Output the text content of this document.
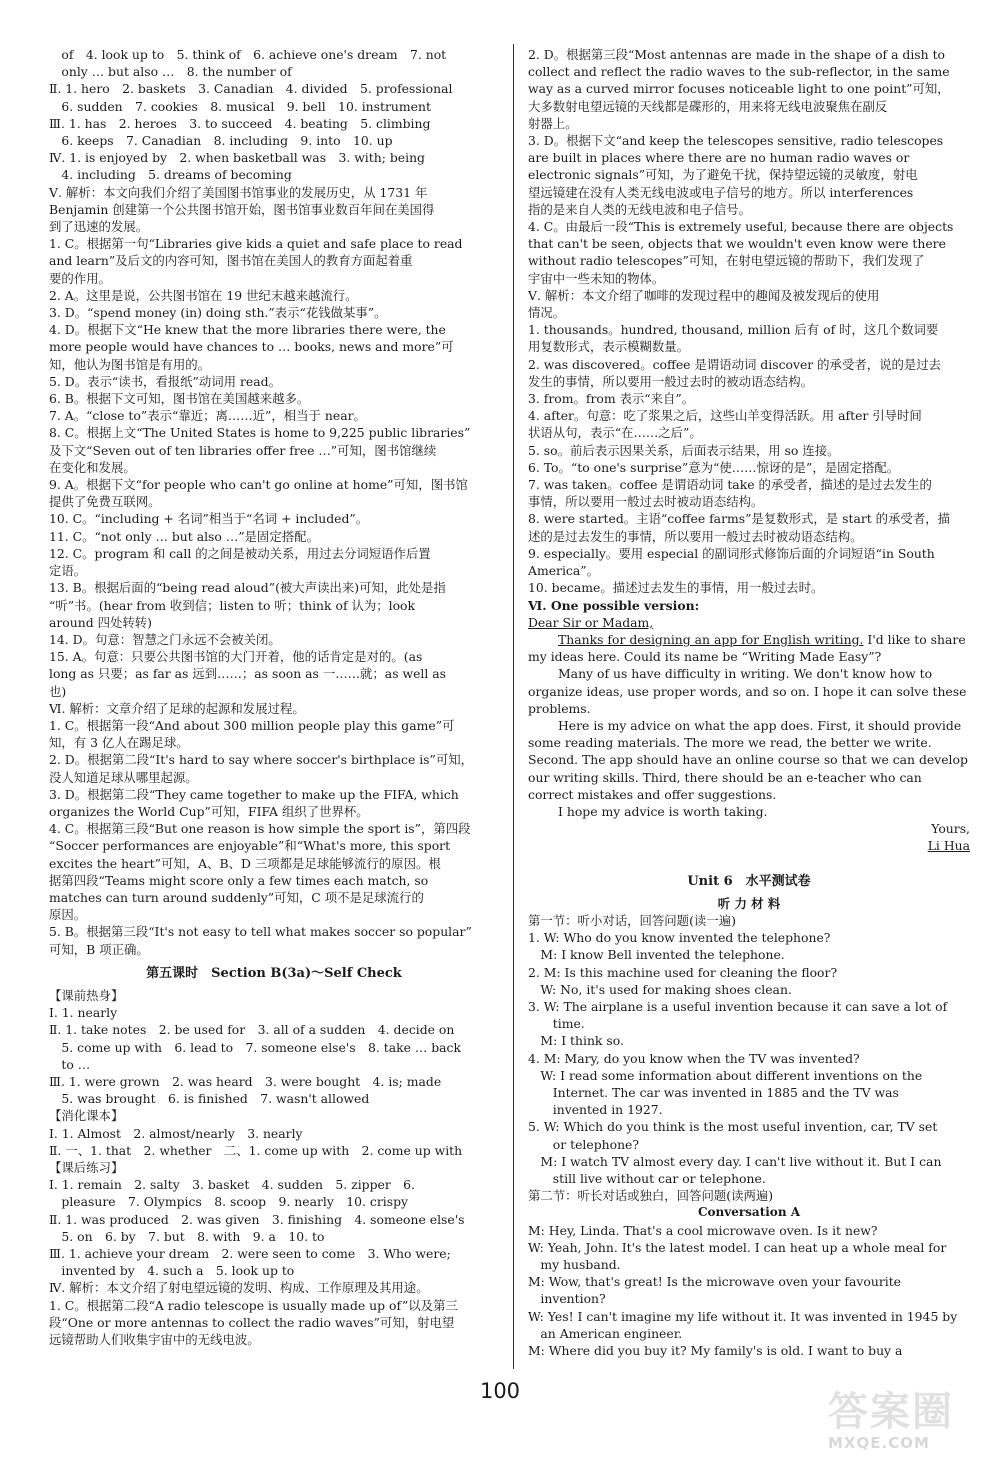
　of　4. look up to　5. think of　6. achieve one's dream　7. not
　only … but also …　8. the number of
Ⅱ. 1. hero　2. baskets　3. Canadian　4. divided　5. professional
　6. sudden　7. cookies　8. musical　9. bell　10. instrument
Ⅲ. 1. has　2. heroes　3. to succeed　4. beating　5. climbing
　6. keeps　7. Canadian　8. including　9. into　10. up
Ⅳ. 1. is enjoyed by　2. when basketball was　3. with; being
　4. including　5. dreams of becoming
Ⅴ. 解析：本文向我们介绍了美国图书馆事业的发展历史，从 1731 年
Benjamin 创建第一个公共图书馆开始，图书馆事业数百年间在美国得
到了迅速的发展。
1. C。根据第一句“Libraries give kids a quiet and safe place to read
and learn”及后文的内容可知，图书馆在美国人的教育方面起着重
要的作用。
2. A。这里是说，公共图书馆在 19 世纪末越来越流行。
3. D。“spend money (in) doing sth.”表示“花钱做某事”。
4. D。根据下文“He knew that the more libraries there were, the
more people would have chances to … books, news and more”可
知，他认为图书馆是有用的。
5. D。表示“读书，看报纸”动词用 read。
6. B。根据下文可知，图书馆在美国越来越多。
7. A。“close to”表示“靠近；离……近”，相当于 near。
8. C。根据上文“The United States is home to 9,225 public libraries”
及下文“Seven out of ten libraries offer free …”可知，图书馆继续
在变化和发展。
9. A。根据下文“for people who can't go online at home”可知，图书馆
提供了免费互联网。
10. C。“including + 名词”相当于“名词 + included”。
11. C。“not only … but also …”是固定搭配。
12. C。program 和 call 的之间是被动关系，用过去分词短语作后置
定语。
13. B。根据后面的“being read aloud”(被大声读出来)可知，此处是指
“听”书。(hear from 收到信；listen to 听；think of 认为；look
around 四处转转)
14. D。句意：智慧之门永远不会被关闭。
15. A。句意：只要公共图书馆的大门开着，他的话肯定是对的。(as
long as 只要；as far as 远到……；as soon as 一……就；as well as
也)
Ⅵ. 解析：文章介绍了足球的起源和发展过程。
1. C。根据第一段“And about 300 million people play this game”可
知，有 3 亿人在踢足球。
2. D。根据第二段“It's hard to say where soccer's birthplace is”可知，
没人知道足球从哪里起源。
3. D。根据第二段“They came together to make up the FIFA, which
organizes the World Cup”可知，FIFA 组织了世界杯。
4. C。根据第三段“But one reason is how simple the sport is”，第四段
“Soccer performances are enjoyable”和“What's more, this sport
excites the heart”可知，A、B、D 三项都是足球能够流行的原因。根
据第四段“Teams might score only a few times each match, so
matches can turn around suddenly”可知，C 项不是足球流行的
原因。
5. B。根据第三段“It's not easy to tell what makes soccer so popular”
可知，B 项正确。
第五课时　Section B(3a)～Self Check
【课前热身】
Ⅰ. 1. nearly
Ⅱ. 1. take notes　2. be used for　3. all of a sudden　4. decide on
　5. come up with　6. lead to　7. someone else's　8. take … back
　to …
Ⅲ. 1. were grown　2. was heard　3. were bought　4. is; made
　5. was brought　6. is finished　7. wasn't allowed
【消化课本】
Ⅰ. 1. Almost　2. almost/nearly　3. nearly
Ⅱ. 一、1. that　2. whether　二、1. come up with　2. come up with
【课后练习】
Ⅰ. 1. remain　2. salty　3. basket　4. sudden　5. zipper　6.
　pleasure　7. Olympics　8. scoop　9. nearly　10. crispy
Ⅱ. 1. was produced　2. was given　3. finishing　4. someone else's
　5. on　6. by　7. but　8. with　9. a　10. to
Ⅲ. 1. achieve your dream　2. were seen to come　3. Who were;
　invented by　4. such a　5. look up to
Ⅳ. 解析：本文介绍了射电望远镜的发明、构成、工作原理及其用途。
1. C。根据第二段“A radio telescope is usually made up of”以及第三
段“One or more antennas to collect the radio waves”可知，射电望
远镜帮助人们收集宇宙中的无线电波。
2. D。根据第三段“Most antennas are made in the shape of a dish to
collect and reflect the radio waves to the sub-reflector, in the same
way as a curved mirror focuses noticeable light to one point”可知，
大多数射电望远镜的天线都是碟形的，用来将无线电波聚焦在副反
射器上。
3. D。根据下文“and keep the telescopes sensitive, radio telescopes
are built in places where there are no human radio waves or
electronic signals”可知，为了避免干扰，保持望远镜的灵敏度，射电
望远镜建在没有人类无线电波或电子信号的地方。所以 interferences
指的是来自人类的无线电波和电子信号。
4. C。由最后一段“This is extremely useful, because there are objects
that can't be seen, objects that we wouldn't even know were there
without radio telescopes”可知，在射电望远镜的帮助下，我们发现了
宇宙中一些未知的物体。
Ⅴ. 解析：本文介绍了咖啡的发现过程中的趣闻及被发现后的使用
情况。
1. thousands。hundred, thousand, million 后有 of 时，这几个数词要
用复数形式，表示模糊数量。
2. was discovered。coffee 是谓语动词 discover 的承受者，说的是过去
发生的事情，所以要用一般过去时的被动语态结构。
3. from。from 表示“来自”。
4. after。句意：吃了浆果之后，这些山羊变得活跃。用 after 引导时间
状语从句，表示“在……之后”。
5. so。前后表示因果关系，后面表示结果，用 so 连接。
6. To。“to one's surprise”意为“使……惊讶的是”，是固定搭配。
7. was taken。coffee 是谓语动词 take 的承受者，描述的是过去发生的
事情，所以要用一般过去时被动语态结构。
8. were started。主语“coffee farms”是复数形式，是 start 的承受者，描
述的是过去发生的事情，所以要用一般过去时被动语态结构。
9. especially。要用 especial 的副词形式修饰后面的介词短语“in South
America”。
10. became。描述过去发生的事情，用一般过去时。
Ⅵ. One possible version:
Dear Sir or Madam,
Thanks for designing an app for English writing. I'd like to share my ideas here. Could its name be “Writing Made Easy”?
Many of us have difficulty in writing. We don't know how to organize ideas, use proper words, and so on. I hope it can solve these problems.
Here is my advice on what the app does. First, it should provide some reading materials. The more we read, the better we write. Second. The app should have an online course so that we can develop our writing skills. Third, there should be an e-teacher who can correct mistakes and offer suggestions.
I hope my advice is worth taking.
Yours,
Li Hua
Unit 6　水平测试卷
听 力 材 料
第一节：听小对话，回答问题(读一遍)
1. W: Who do you know invented the telephone?
　M: I know Bell invented the telephone.
2. M: Is this machine used for cleaning the floor?
　W: No, it's used for making shoes clean.
3. W: The airplane is a useful invention because it can save a lot of
　　time.
　M: I think so.
4. M: Mary, do you know when the TV was invented?
　W: I read some information about different inventions on the
　　Internet. The car was invented in 1885 and the TV was
　　invented in 1927.
5. W: Which do you think is the most useful invention, car, TV set
　　or telephone?
　M: I watch TV almost every day. I can't live without it. But I can
　　still live without car or telephone.
第二节：听长对话或独白，回答问题(读两遍)
Conversation A
M: Hey, Linda. That's a cool microwave oven. Is it new?
W: Yeah, John. It's the latest model. I can heat up a whole meal for
　my husband.
M: Wow, that's great! Is the microwave oven your favourite
　invention?
W: Yes! I can't imagine my life without it. It was invented in 1945 by
　an American engineer.
M: Where did you buy it? My family's is old. I want to buy a
100	答案圈
MXQE.COM
